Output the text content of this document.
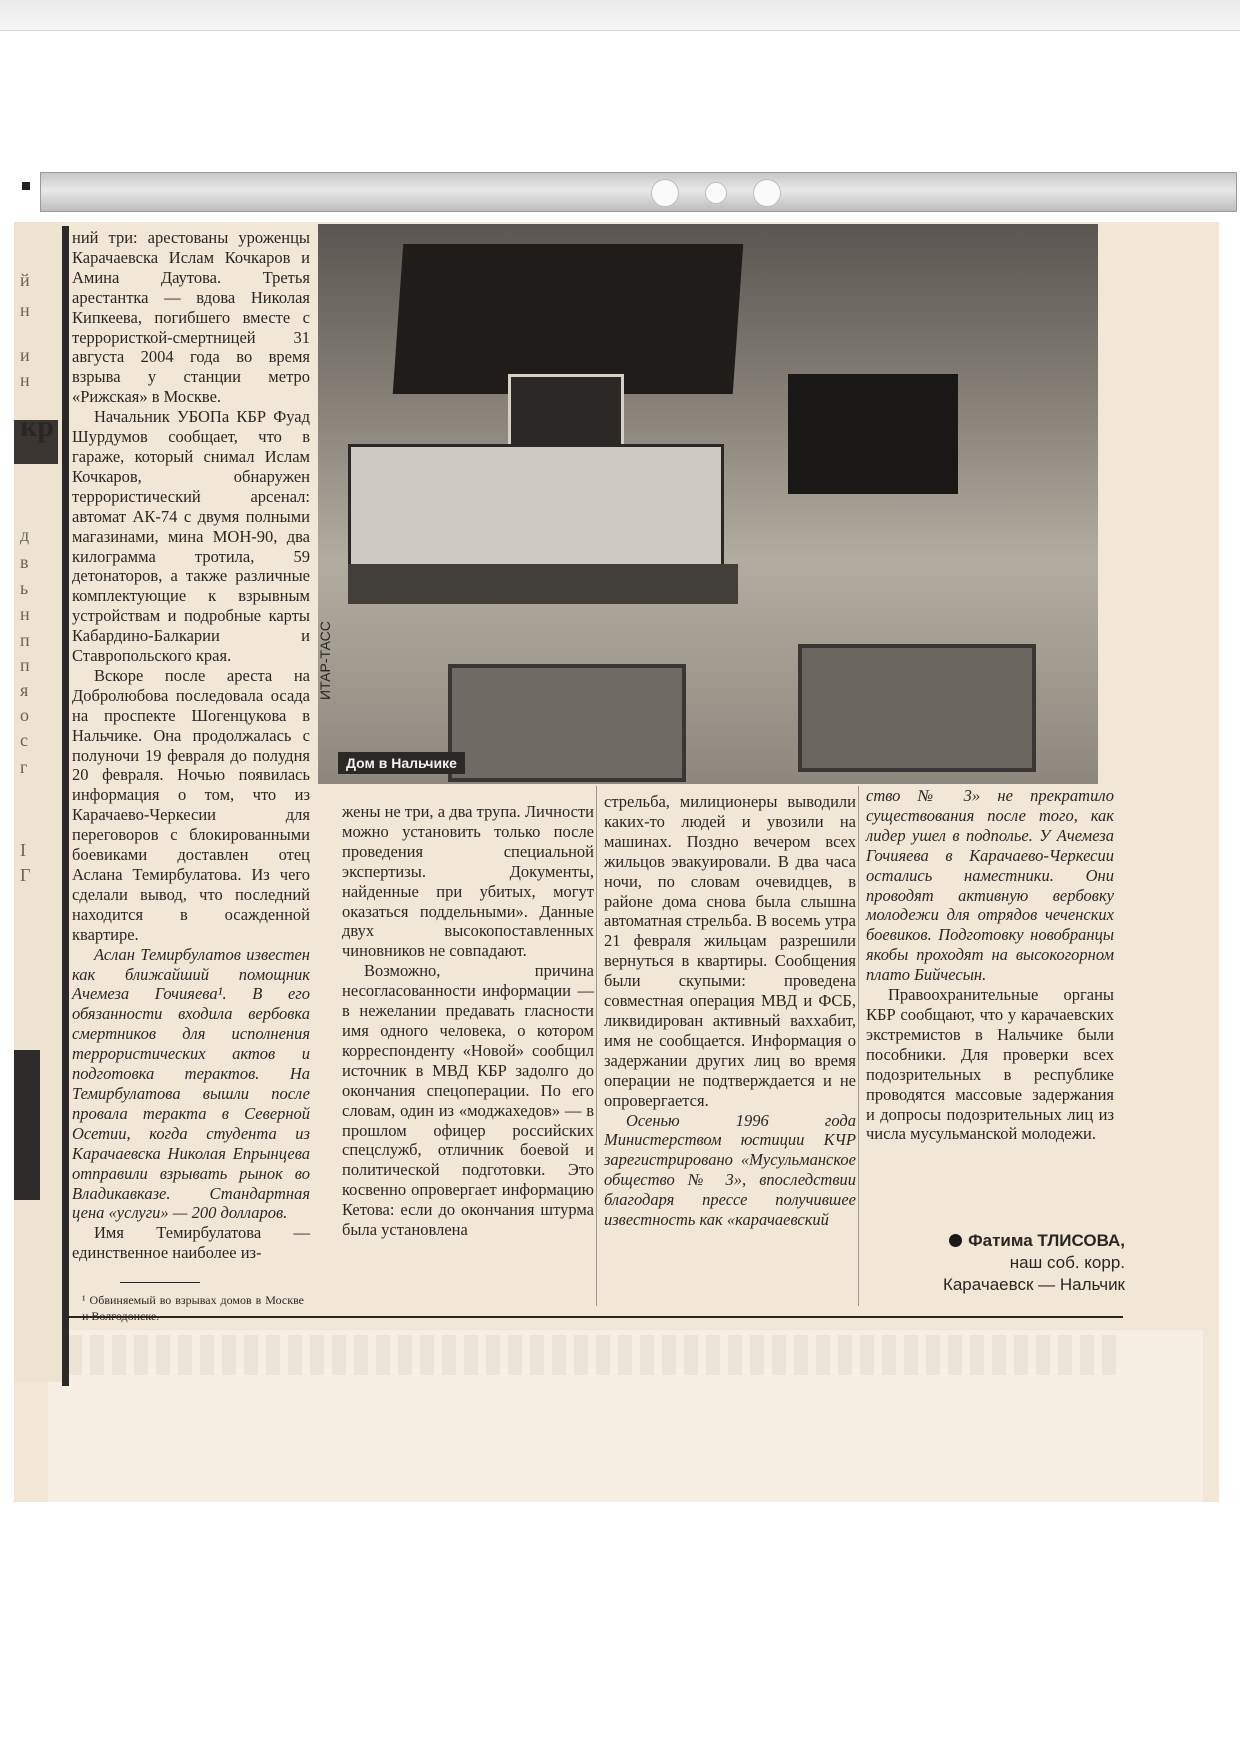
й
н
и
н
кр
д
в
ь
н
п
п
я
о
с
г
І
Г
Дом в Нальчике
ИТАР-ТАСС

ний три: арестованы уроженцы Карачаевска Ислам Кочкаров и Амина Даутова. Третья арестантка — вдова Николая Кипкеева, погибшего вместе с террористкой-смертницей 31 августа 2004 года во время взрыва у станции метро «Рижская» в Москве.

Начальник УБОПа КБР Фуад Шурдумов сообщает, что в гараже, который снимал Ислам Кочкаров, обнаружен террористический арсенал: автомат АК-74 с двумя полными магазинами, мина МОН-90, два килограмма тротила, 59 детонаторов, а также различные комплектующие к взрывным устройствам и подробные карты Кабардино-Балкарии и Ставропольского края.

Вскоре после ареста на Добролюбова последовала осада на проспекте Шогенцукова в Нальчике. Она продолжалась с полуночи 19 февраля до полудня 20 февраля. Ночью появилась информация о том, что из Карачаево-Черкесии для переговоров с блокированными боевиками доставлен отец Аслана Темирбулатова. Из чего сделали вывод, что последний находится в осажденной квартире.

Аслан Темирбулатов известен как ближайший помощник Ачемеза Гочияева¹. В его обязанности входила вербовка смертников для исполнения террористических актов и подготовка терактов. На Темирбулатова вышли после провала теракта в Северной Осетии, когда студента из Карачаевска Николая Епрынцева отправили взрывать рынок во Владикавказе. Стандартная цена «услуги» — 200 долларов.

Имя Темирбулатова — единственное наиболее из-

жены не три, а два трупа. Личности можно установить только после проведения специальной экспертизы. Документы, найденные при убитых, могут оказаться поддельными». Данные двух высокопоставленных чиновников не совпадают.

Возможно, причина несогласованности информации — в нежелании предавать гласности имя одного человека, о котором корреспонденту «Новой» сообщил источник в МВД КБР задолго до окончания спецоперации. По его словам, один из «моджахедов» — в прошлом офицер российских спецслужб, отличник боевой и политической подготовки. Это косвенно опровергает информацию Кетова: если до окончания штурма была установлена

стрельба, милиционеры выводили каких-то людей и увозили на машинах. Поздно вечером всех жильцов эвакуировали. В два часа ночи, по словам очевидцев, в районе дома снова была слышна автоматная стрельба. В восемь утра 21 февраля жильцам разрешили вернуться в квартиры. Сообщения были скупыми: проведена совместная операция МВД и ФСБ, ликвидирован активный ваххабит, имя не сообщается. Информация о задержании других лиц во время операции не подтверждается и не опровергается.

Осенью 1996 года Министерством юстиции КЧР зарегистрировано «Мусульманское общество № 3», впоследствии благодаря прессе получившее известность как «карачаевский

ство № 3» не прекратило существования после того, как лидер ушел в подполье. У Ачемеза Гочияева в Карачаево-Черкесии остались наместники. Они проводят активную вербовку молодежи для отрядов чеченских боевиков. Подготовку новобранцы якобы проходят на высокогорном плато Бийчесын.

Правоохранительные органы КБР сообщают, что у карачаевских экстремистов в Нальчике были пособники. Для проверки всех подозрительных в республике проводятся массовые задержания и допросы подозрительных лиц из числа мусульманской молодежи.

¹ Обвиняемый во взрывах домов в Москве
Фатима ТЛИСОВА,
наш соб. корр.
Карачаевск — Нальчик
